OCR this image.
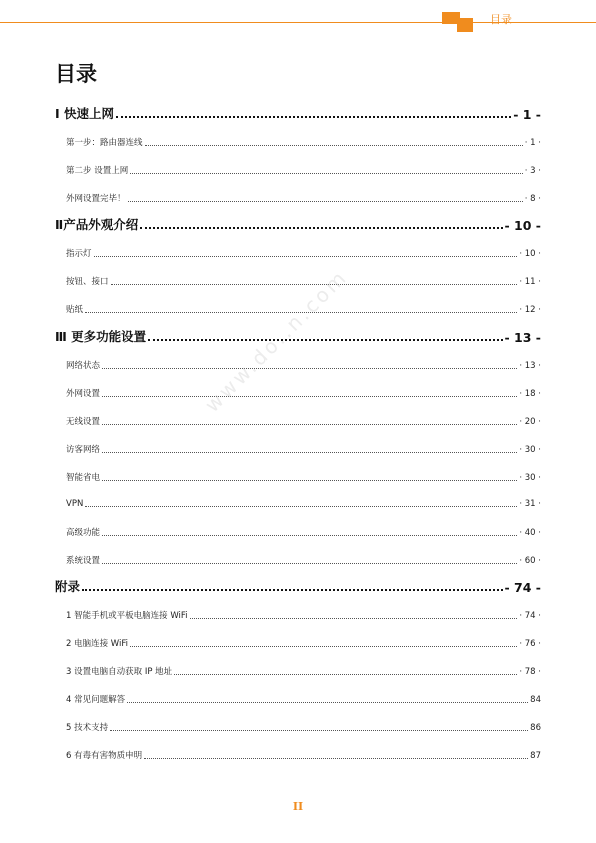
目录
目录
Ⅰ 快速上网	- 1 -
第一步：路由器连线	· 1 ·
第二步 设置上网	· 3 ·
外网设置完毕！	· 8 ·
Ⅱ产品外观介绍	- 10 -
指示灯	· 10 ·
按钮、接口	· 11 ·
贴纸	· 12 ·
Ⅲ 更多功能设置	- 13 -
网络状态	· 13 ·
外网设置	· 18 ·
无线设置	· 20 ·
访客网络	· 30 ·
智能省电	· 30 ·
VPN	· 31 ·
高级功能	· 40 ·
系统设置	· 60 ·
附录	- 74 -
1 智能手机或平板电脑连接 WiFi	· 74 ·
2 电脑连接 WiFi	· 76 ·
3 设置电脑自动获取 IP 地址	· 78 ·
4 常见问题解答	84
5 技术支持	86
6 有毒有害物质申明	87
www.do..n.com
II
